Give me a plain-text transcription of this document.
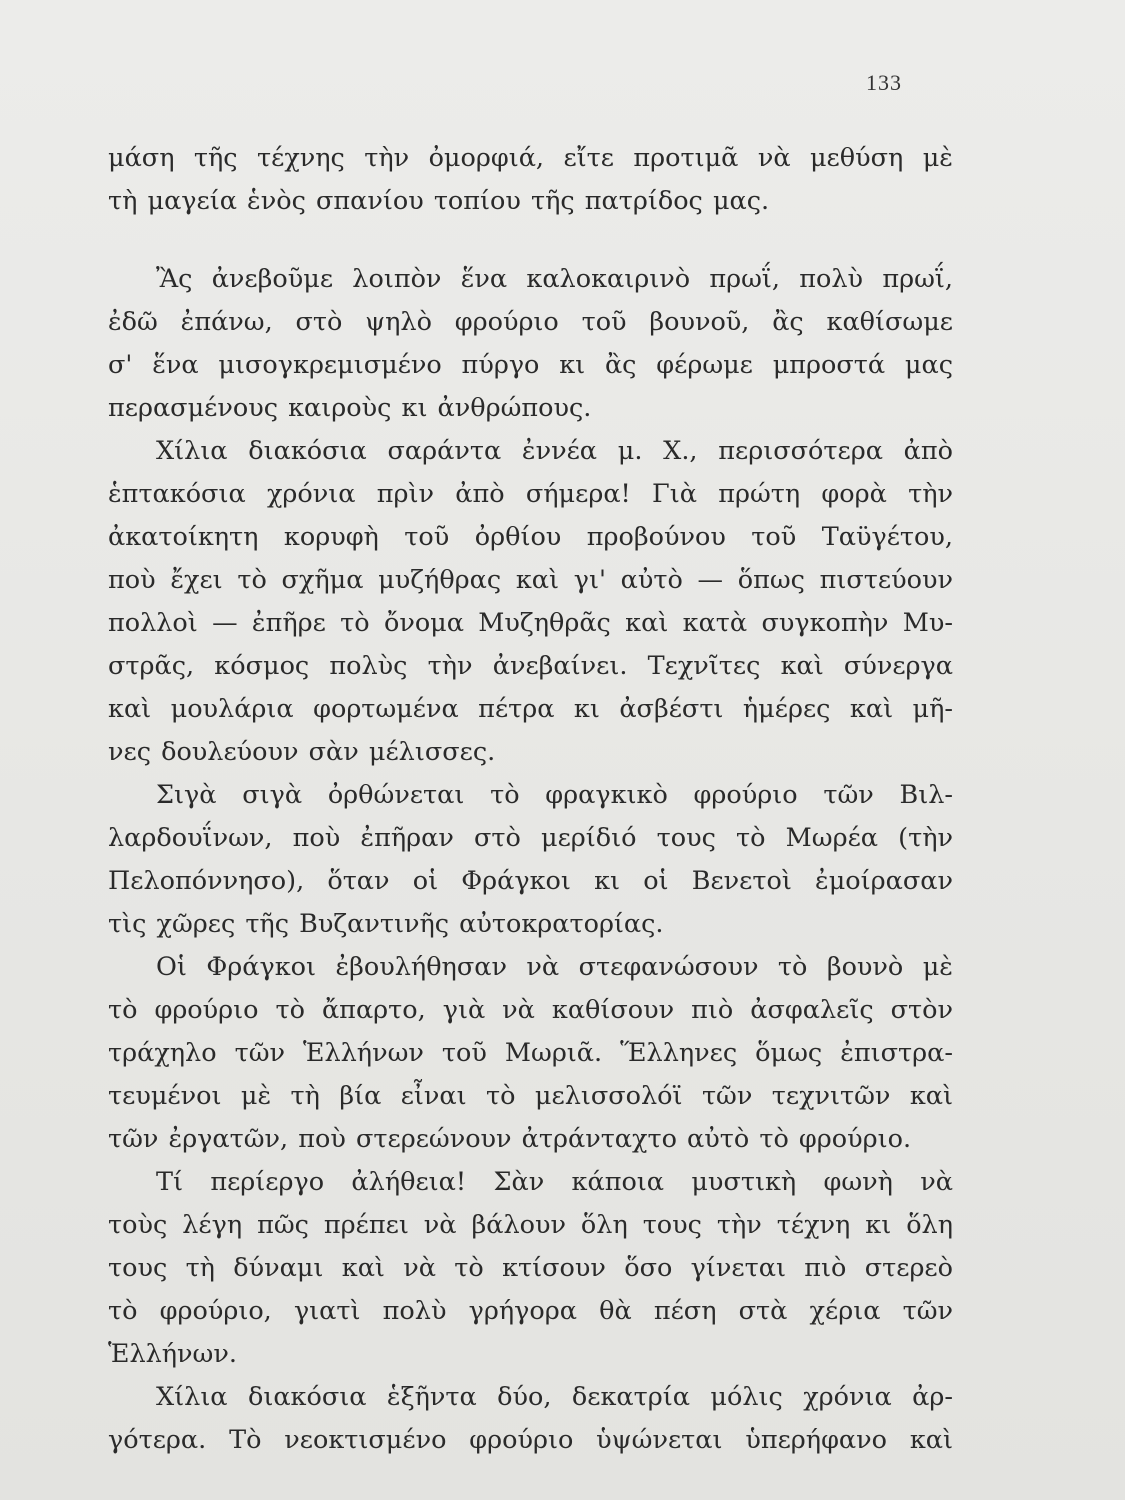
133
μάση τῆς τέχνης τὴν ὀμορφιά, εἴτε προτιμᾶ νὰ μεθύση μὲ
τὴ μαγεία ἑνὸς σπανίου τοπίου τῆς πατρίδος μας.
Ἂς ἀνεβοῦμε λοιπὸν ἕνα καλοκαιρινὸ πρωΐ, πολὺ πρωΐ,
ἐδῶ ἐπάνω, στὸ ψηλὸ φρούριο τοῦ βουνοῦ, ἂς καθίσωμε
σ' ἕνα μισογκρεμισμένο πύργο κι ἂς φέρωμε μπροστά μας
περασμένους καιροὺς κι ἀνθρώπους.
Χίλια διακόσια σαράντα ἐννέα μ. Χ., περισσότερα ἀπὸ
ἑπτακόσια χρόνια πρὶν ἀπὸ σήμερα! Γιὰ πρώτη φορὰ τὴν
ἀκατοίκητη κορυφὴ τοῦ ὀρθίου προβούνου τοῦ Ταϋγέτου,
ποὺ ἔχει τὸ σχῆμα μυζήθρας καὶ γι' αὐτὸ — ὅπως πιστεύουν
πολλοὶ — ἐπῆρε τὸ ὄνομα Μυζηθρᾶς καὶ κατὰ συγκοπὴν Μυ-
στρᾶς, κόσμος πολὺς τὴν ἀνεβαίνει. Τεχνῖτες καὶ σύνεργα
καὶ μουλάρια φορτωμένα πέτρα κι ἀσβέστι ἡμέρες καὶ μῆ-
νες δουλεύουν σὰν μέλισσες.
Σιγὰ σιγὰ ὀρθώνεται τὸ φραγκικὸ φρούριο τῶν Βιλ-
λαρδουΐνων, ποὺ ἐπῆραν στὸ μερίδιό τους τὸ Μωρέα (τὴν
Πελοπόννησο), ὅταν οἱ Φράγκοι κι οἱ Βενετοὶ ἐμοίρασαν
τὶς χῶρες τῆς Βυζαντινῆς αὐτοκρατορίας.
Οἱ Φράγκοι ἐβουλήθησαν νὰ στεφανώσουν τὸ βουνὸ μὲ
τὸ φρούριο τὸ ἄπαρτο, γιὰ νὰ καθίσουν πιὸ ἀσφαλεῖς στὸν
τράχηλο τῶν Ἑλλήνων τοῦ Μωριᾶ. Ἕλληνες ὅμως ἐπιστρα-
τευμένοι μὲ τὴ βία εἶναι τὸ μελισσολόϊ τῶν τεχνιτῶν καὶ
τῶν ἐργατῶν, ποὺ στερεώνουν ἀτράνταχτο αὐτὸ τὸ φρούριο.
Τί περίεργο ἀλήθεια! Σὰν κάποια μυστικὴ φωνὴ νὰ
τοὺς λέγη πῶς πρέπει νὰ βάλουν ὅλη τους τὴν τέχνη κι ὅλη
τους τὴ δύναμι καὶ νὰ τὸ κτίσουν ὅσο γίνεται πιὸ στερεὸ
τὸ φρούριο, γιατὶ πολὺ γρήγορα θὰ πέση στὰ χέρια τῶν
Ἑλλήνων.
Χίλια διακόσια ἑξῆντα δύο, δεκατρία μόλις χρόνια ἀρ-
γότερα. Τὸ νεοκτισμένο φρούριο ὑψώνεται ὑπερήφανο καὶ
